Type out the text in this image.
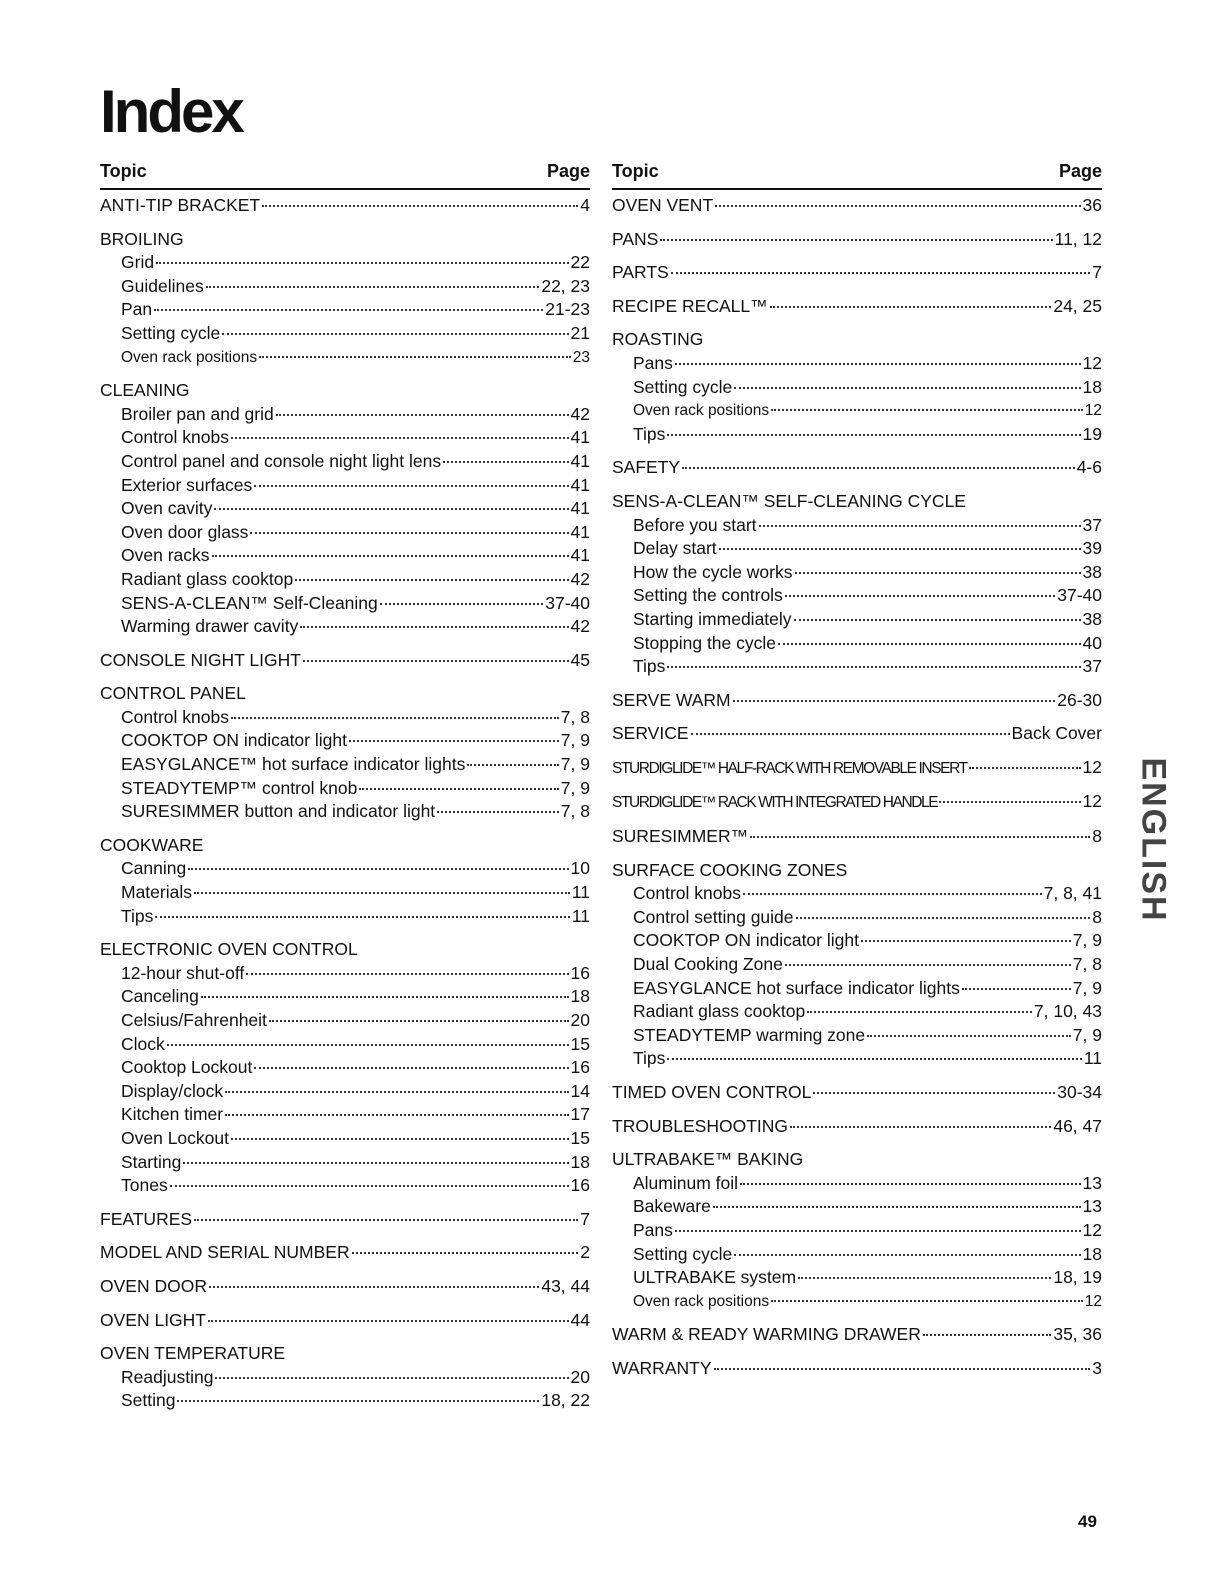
Index
Topic	Page
ANTI-TIP BRACKET	4
BROILING
Grid	22
Guidelines	22, 23
Pan	21-23
Setting cycle	21
Oven rack positions	23
CLEANING
Broiler pan and grid	42
Control knobs	41
Control panel and console night light lens	41
Exterior surfaces	41
Oven cavity	41
Oven door glass	41
Oven racks	41
Radiant glass cooktop	42
SENS-A-CLEAN™ Self-Cleaning	37-40
Warming drawer cavity	42
CONSOLE NIGHT LIGHT	45
CONTROL PANEL
Control knobs	7, 8
COOKTOP ON indicator light	7, 9
EASYGLANCE™ hot surface indicator lights	7, 9
STEADYTEMP™ control knob	7, 9
SURESIMMER button and indicator light	7, 8
COOKWARE
Canning	10
Materials	11
Tips	11
ELECTRONIC OVEN CONTROL
12-hour shut-off	16
Canceling	18
Celsius/Fahrenheit	20
Clock	15
Cooktop Lockout	16
Display/clock	14
Kitchen timer	17
Oven Lockout	15
Starting	18
Tones	16
FEATURES	7
MODEL AND SERIAL NUMBER	2
OVEN DOOR	43, 44
OVEN LIGHT	44
OVEN TEMPERATURE
Readjusting	20
Setting	18, 22
Topic	Page
OVEN VENT	36
PANS	11, 12
PARTS	7
RECIPE RECALL™	24, 25
ROASTING
Pans	12
Setting cycle	18
Oven rack positions	12
Tips	19
SAFETY	4-6
SENS-A-CLEAN™ SELF-CLEANING CYCLE
Before you start	37
Delay start	39
How the cycle works	38
Setting the controls	37-40
Starting immediately	38
Stopping the cycle	40
Tips	37
SERVE WARM	26-30
SERVICE	Back Cover
STURDIGLIDE™ HALF-RACK WITH REMOVABLE INSERT	12
STURDIGLIDE™ RACK WITH INTEGRATED HANDLE	12
SURESIMMER™	8
SURFACE COOKING ZONES
Control knobs	7, 8, 41
Control setting guide	8
COOKTOP ON indicator light	7, 9
Dual Cooking Zone	7, 8
EASYGLANCE hot surface indicator lights	7, 9
Radiant glass cooktop	7, 10, 43
STEADYTEMP warming zone	7, 9
Tips	11
TIMED OVEN CONTROL	30-34
TROUBLESHOOTING	46, 47
ULTRABAKE™ BAKING
Aluminum foil	13
Bakeware	13
Pans	12
Setting cycle	18
ULTRABAKE system	18, 19
Oven rack positions	12
WARM & READY WARMING DRAWER	35, 36
WARRANTY	3
ENGLISH
49
